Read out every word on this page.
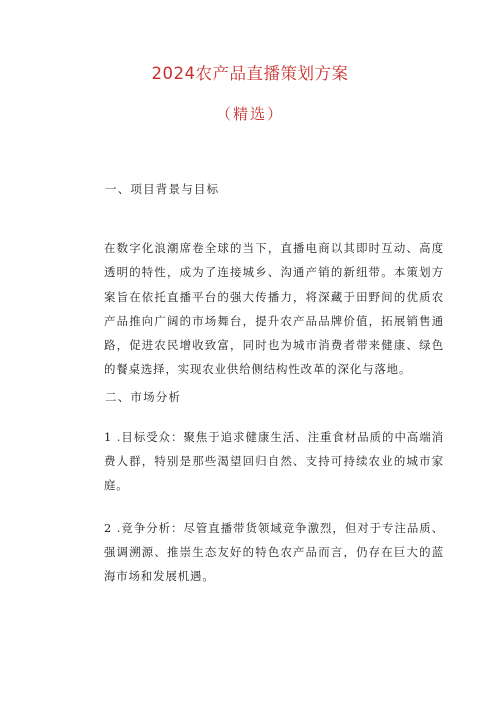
2024农产品直播策划方案
（精选）
一、项目背景与目标
在数字化浪潮席卷全球的当下，直播电商以其即时互动、高度透明的特性，成为了连接城乡、沟通产销的新纽带。本策划方案旨在依托直播平台的强大传播力，将深藏于田野间的优质农产品推向广阔的市场舞台，提升农产品品牌价值，拓展销售通路，促进农民增收致富，同时也为城市消费者带来健康、绿色的餐桌选择，实现农业供给侧结构性改革的深化与落地。
二、市场分析
1 .目标受众：聚焦于追求健康生活、注重食材品质的中高端消费人群，特别是那些渴望回归自然、支持可持续农业的城市家庭。
2 .竞争分析：尽管直播带货领域竞争激烈，但对于专注品质、强调溯源、推崇生态友好的特色农产品而言，仍存在巨大的蓝海市场和发展机遇。
